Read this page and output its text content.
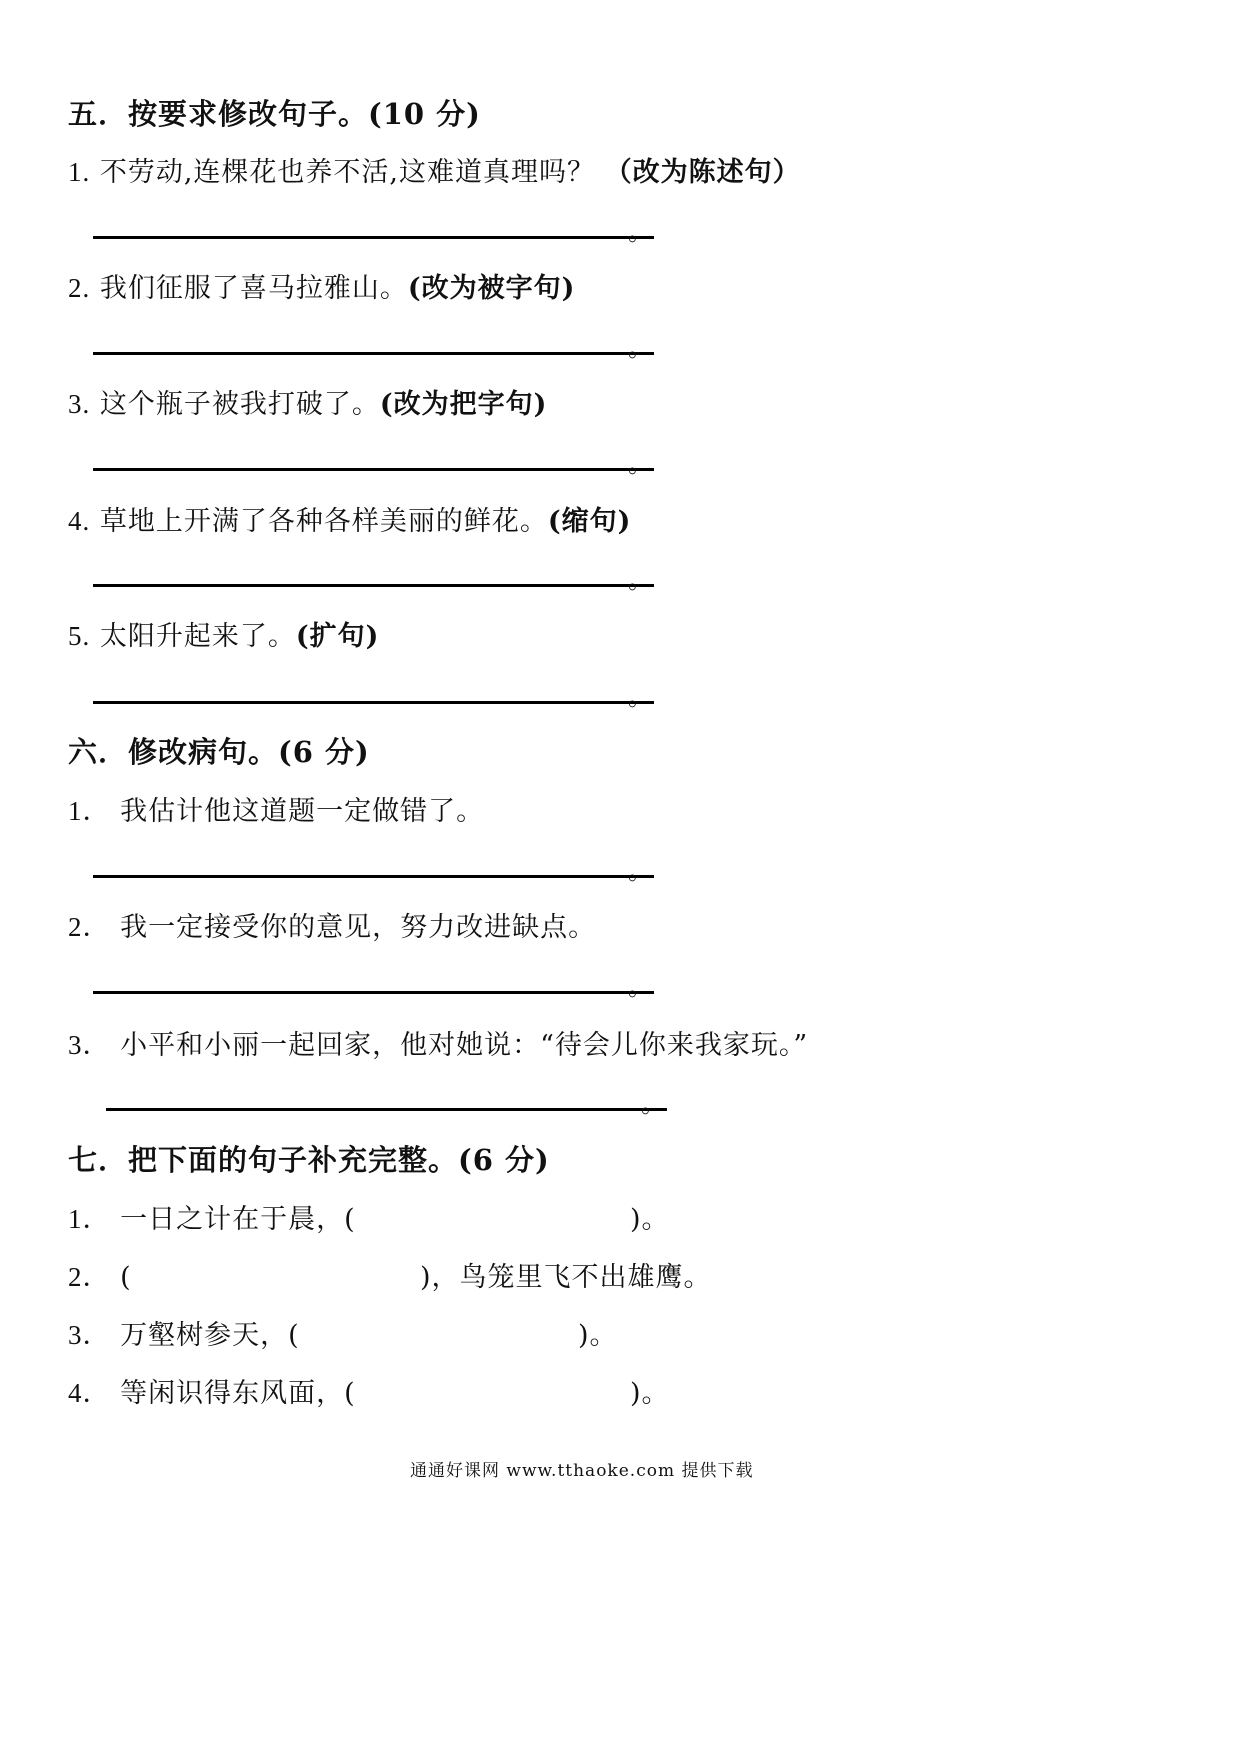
五．按要求修改句子。(10 分)
1. 不劳动,连棵花也养不活,这难道真理吗？ （改为陈述句）
。
2. 我们征服了喜马拉雅山。(改为被字句)
。
3. 这个瓶子被我打破了。(改为把字句)
。
4. 草地上开满了各种各样美丽的鲜花。(缩句)
。
5. 太阳升起来了。(扩句)
。
六．修改病句。(6 分)
1． 我估计他这道题一定做错了。
。
2． 我一定接受你的意见，努力改进缺点。
。
3． 小平和小丽一起回家，他对她说：“待会儿你来我家玩。”
。
七．把下面的句子补充完整。(6 分)
1． 一日之计在于晨，(	)。
2． (	)，鸟笼里飞不出雄鹰。
3． 万壑树参天，(	)。
4． 等闲识得东风面，(	)。
通通好课网 www.tthaoke.com 提供下载
